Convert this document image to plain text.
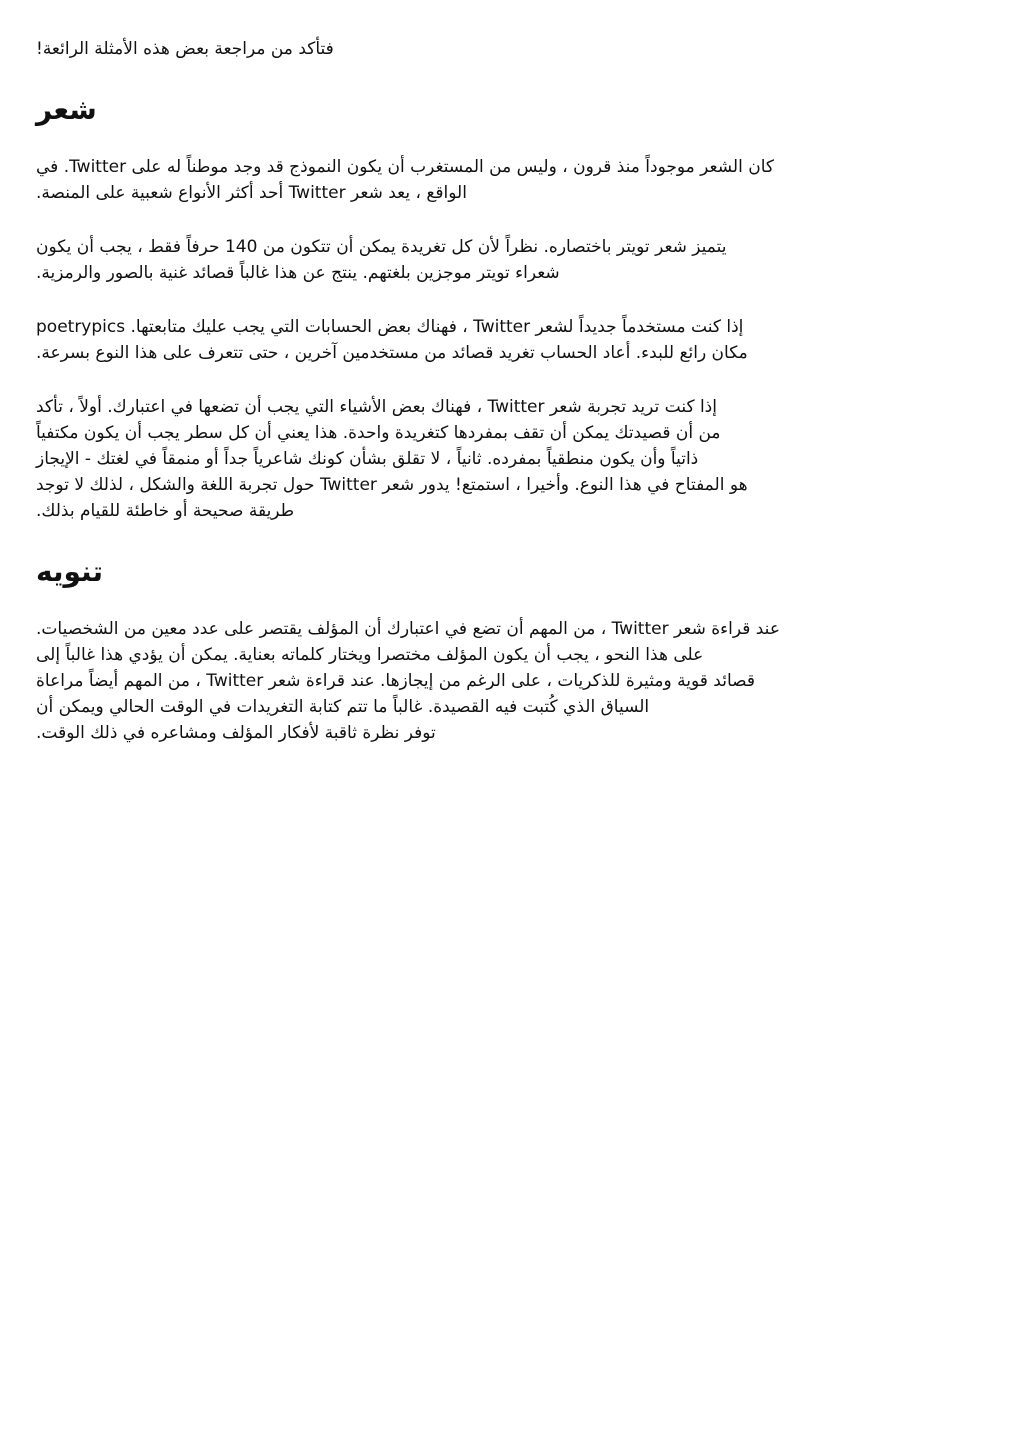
فتأكد من مراجعة بعض هذه الأمثلة الرائعة!

شعر

كان الشعر موجوداً منذ قرون ، وليس من المستغرب أن يكون النموذج قد وجد موطناً له على Twitter. في
الواقع ، يعد شعر Twitter أحد أكثر الأنواع شعبية على المنصة.

يتميز شعر تويتر باختصاره. نظراً لأن كل تغريدة يمكن أن تتكون من 140 حرفاً فقط ، يجب أن يكون
شعراء تويتر موجزين بلغتهم. ينتج عن هذا غالباً قصائد غنية بالصور والرمزية.

إذا كنت مستخدماً جديداً لشعر Twitter ، فهناك بعض الحسابات التي يجب عليك متابعتها. poetrypics
مكان رائع للبدء. أعاد الحساب تغريد قصائد من مستخدمين آخرين ، حتى تتعرف على هذا النوع بسرعة.

إذا كنت تريد تجربة شعر Twitter ، فهناك بعض الأشياء التي يجب أن تضعها في اعتبارك. أولاً ، تأكد
من أن قصيدتك يمكن أن تقف بمفردها كتغريدة واحدة. هذا يعني أن كل سطر يجب أن يكون مكتفياً
ذاتياً وأن يكون منطقياً بمفرده. ثانياً ، لا تقلق بشأن كونك شاعرياً جداً أو منمقاً في لغتك - الإيجاز
هو المفتاح في هذا النوع. وأخيرا ، استمتع! يدور شعر Twitter حول تجربة اللغة والشكل ، لذلك لا توجد
طريقة صحيحة أو خاطئة للقيام بذلك.

تنويه

عند قراءة شعر Twitter ، من المهم أن تضع في اعتبارك أن المؤلف يقتصر على عدد معين من الشخصيات.
على هذا النحو ، يجب أن يكون المؤلف مختصرا ويختار كلماته بعناية. يمكن أن يؤدي هذا غالباً إلى
قصائد قوية ومثيرة للذكريات ، على الرغم من إيجازها. عند قراءة شعر Twitter ، من المهم أيضاً مراعاة
السياق الذي كُتبت فيه القصيدة. غالباً ما تتم كتابة التغريدات في الوقت الحالي ويمكن أن
توفر نظرة ثاقبة لأفكار المؤلف ومشاعره في ذلك الوقت.
